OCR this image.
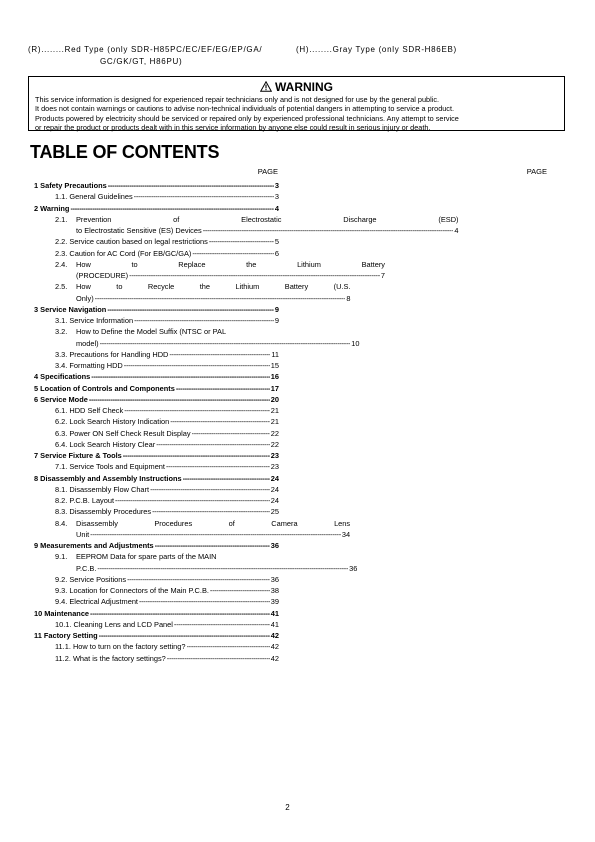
(R)........Red Type (only SDR-H85PC/EC/EF/EG/EP/GA/	(H)........Gray Type (only SDR-H86EB)
GC/GK/GT, H86PU)
WARNING
This service information is designed for experienced repair technicians only and is not designed for use by the general public.
It does not contain warnings or cautions to advise non-technical individuals of potential dangers in attempting to service a product.
Products powered by electricity should be serviced or repaired only by experienced professional technicians. Any attempt to service
or repair the product or products dealt with in this service information by anyone else could result in serious injury or death.
TABLE OF CONTENTS
PAGE	PAGE
1 Safety Precautions -----	3
1.1. General Guidelines -----	3
2 Warning -----	4
2.1.	Prevention of Electrostatic Discharge (ESD)
to Electrostatic Sensitive (ES) Devices -----	4
2.2. Service caution based on legal restrictions -----	5
2.3. Caution for AC Cord (For EB/GC/GA) -----	6
2.4.	How to Replace the Lithium Battery
(PROCEDURE) -----	7
2.5.	How to Recycle the Lithium Battery (U.S.
Only) -----	8
3 Service Navigation -----	9
3.1. Service Information -----	9
3.2.	How to Define the Model Suffix (NTSC or PAL
model) -----	10
3.3. Precautions for Handling HDD -----	11
3.4. Formatting HDD -----	15
4 Specifications -----	16
5 Location of Controls and Components -----	17
6 Service Mode -----	20
6.1. HDD Self Check -----	21
6.2. Lock Search History Indication -----	21
6.3. Power ON Self Check Result Display -----	22
6.4. Lock Search History Clear -----	22
7 Service Fixture & Tools -----	23
7.1. Service Tools and Equipment -----	23
8 Disassembly and Assembly Instructions -----	24
8.1. Disassembly Flow Chart -----	24
8.2. P.C.B. Layout -----	24
8.3. Disassembly Procedures -----	25
8.4.	Disassembly Procedures of Camera Lens
Unit -----	34
9 Measurements and Adjustments -----	36
9.1.	EEPROM Data for spare parts of the MAIN
P.C.B. -----	36
9.2. Service Positions -----	36
9.3. Location for Connectors of the Main P.C.B. -----	38
9.4. Electrical Adjustment -----	39
10 Maintenance -----	41
10.1. Cleaning Lens and LCD Panel -----	41
11 Factory Setting -----	42
11.1. How to turn on the factory setting? -----	42
11.2. What is the factory settings? -----	42
2
